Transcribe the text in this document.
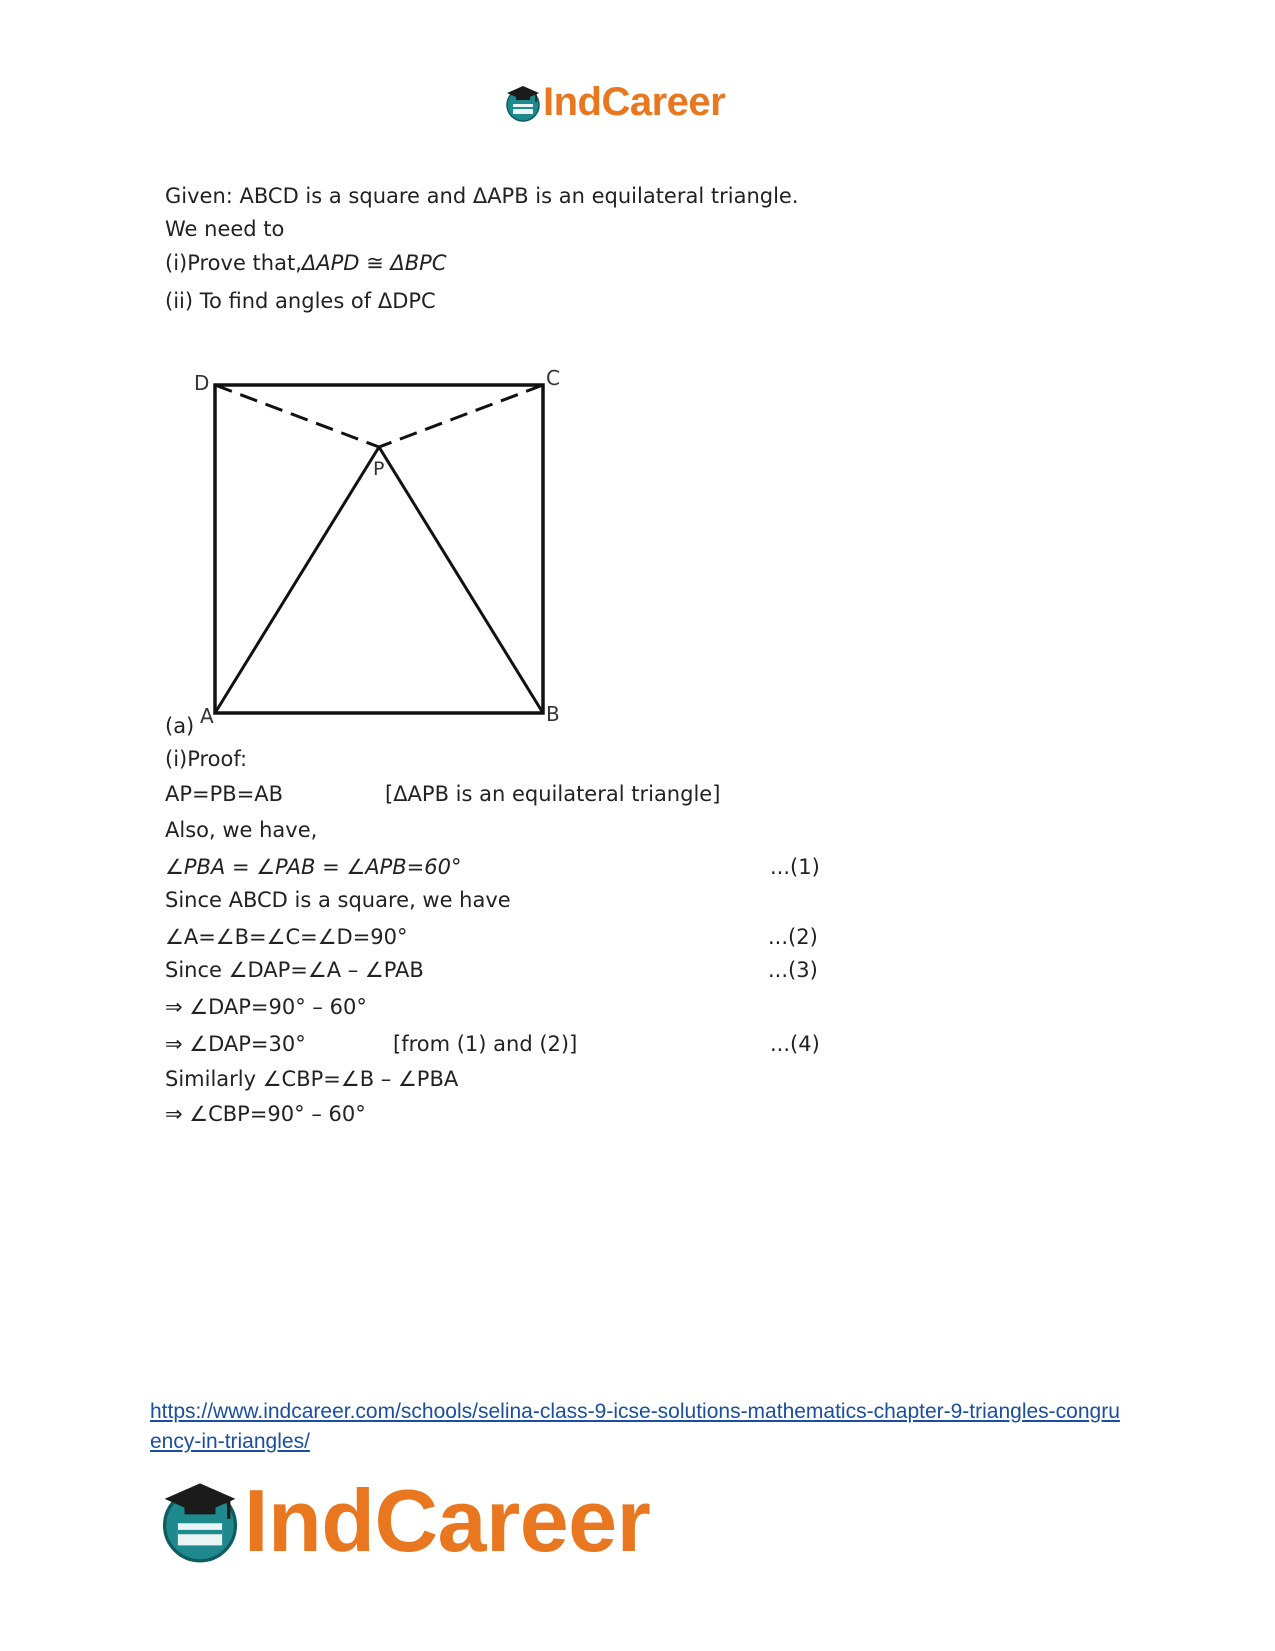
IndCareer
Given: ABCD is a square and ΔAPB is an equilateral triangle.
We need to
(i)Prove that,ΔAPD ≅ ΔBPC
(ii) To find angles of ΔDPC
(a)
(i)Proof:
AP=PB=AB	[ΔAPB is an equilateral triangle]
Also, we have,
∠PBA = ∠PAB = ∠APB=60°	...(1)
Since ABCD is a square, we have
∠A=∠B=∠C=∠D=90°	...(2)
Since ∠DAP=∠A – ∠PAB	...(3)
⇒ ∠DAP=90° – 60°
⇒ ∠DAP=30°	[from (1) and (2)]	...(4)
Similarly ∠CBP=∠B – ∠PBA
⇒ ∠CBP=90° – 60°
D	C
P
A	B
https://www.indcareer.com/schools/selina-class-9-icse-solutions-mathematics-chapter-9-triangles-congruency-in-triangles/
IndCareer
